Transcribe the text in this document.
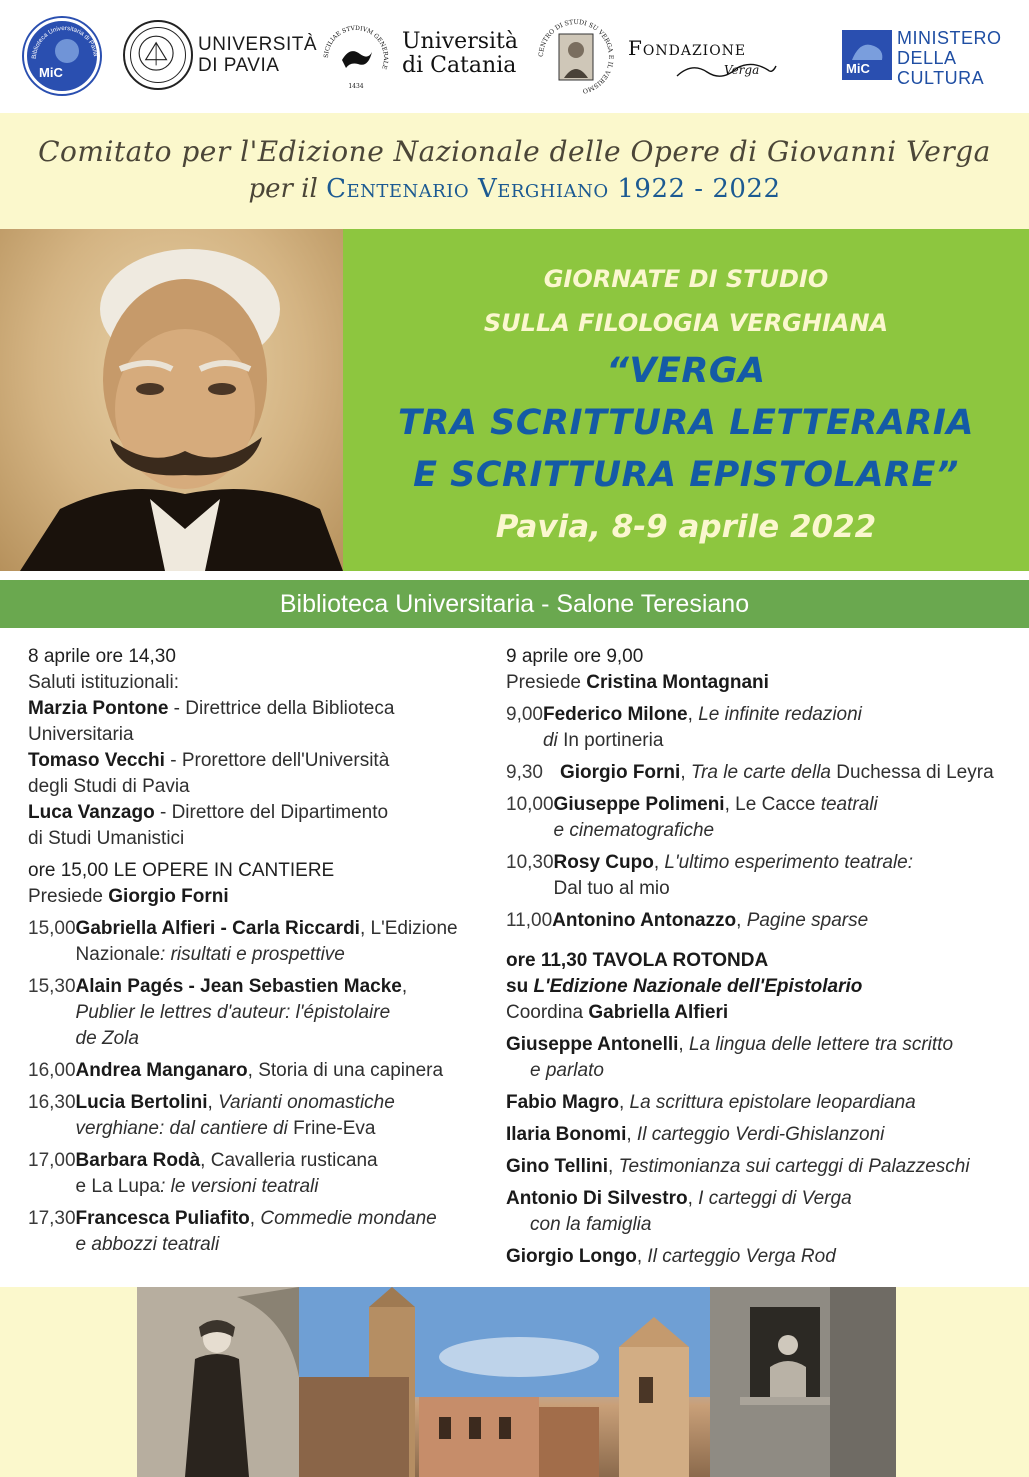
Biblioteca Universitaria di Pavia
MiC
UNIVERSITÀ
DI PAVIA	SICILIAE STVDIVM GENERALE
1434
Università
di Catania	CENTRO DI STUDI SU VERGA E IL VERISMO
Fondazione
Verga	MiC
MINISTERO
DELLA
CULTURA
Comitato per l'Edizione Nazionale delle Opere di Giovanni Verga
per il Centenario Verghiano 1922 - 2022
GIORNATE DI STUDIO
SULLA FILOLOGIA VERGHIANA
“VERGA
TRA SCRITTURA LETTERARIA
E SCRITTURA EPISTOLARE”
Pavia, 8-9 aprile 2022
Biblioteca Universitaria - Salone Teresiano
8 aprile ore 14,30
Saluti istituzionali:
Marzia Pontone - Direttrice della Biblioteca
Universitaria
Tomaso Vecchi - Prorettore dell'Università
degli Studi di Pavia
Luca Vanzago - Direttore del Dipartimento
di Studi Umanistici
ore 15,00 LE OPERE IN CANTIERE
Presiede Giorgio Forni
15,00 Gabriella Alfieri - Carla Riccardi, L'Edizione
Nazionale: risultati e prospettive
15,30 Alain Pagés - Jean Sebastien Macke,
Publier le lettres d'auteur: l'épistolaire
de Zola
16,00 Andrea Manganaro, Storia di una capinera
16,30 Lucia Bertolini, Varianti onomastiche
verghiane: dal cantiere di Frine-Eva
17,00 Barbara Rodà, Cavalleria rusticana
e La Lupa: le versioni teatrali
17,30 Francesca Puliafito, Commedie mondane
e abbozzi teatrali
9 aprile ore 9,00
Presiede Cristina Montagnani
9,00 Federico Milone, Le infinite redazioni
di In portineria
9,30 Giorgio Forni, Tra le carte della Duchessa di Leyra
10,00 Giuseppe Polimeni, Le Cacce teatrali
e cinematografiche
10,30 Rosy Cupo, L'ultimo esperimento teatrale:
Dal tuo al mio
11,00 Antonino Antonazzo, Pagine sparse
ore 11,30 TAVOLA ROTONDA
su L'Edizione Nazionale dell'Epistolario
Coordina Gabriella Alfieri
Giuseppe Antonelli, La lingua delle lettere tra scritto
e parlato
Fabio Magro, La scrittura epistolare leopardiana
Ilaria Bonomi, Il carteggio Verdi-Ghislanzoni
Gino Tellini, Testimonianza sui carteggi di Palazzeschi
Antonio Di Silvestro, I carteggi di Verga
con la famiglia
Giorgio Longo, Il carteggio Verga Rod
